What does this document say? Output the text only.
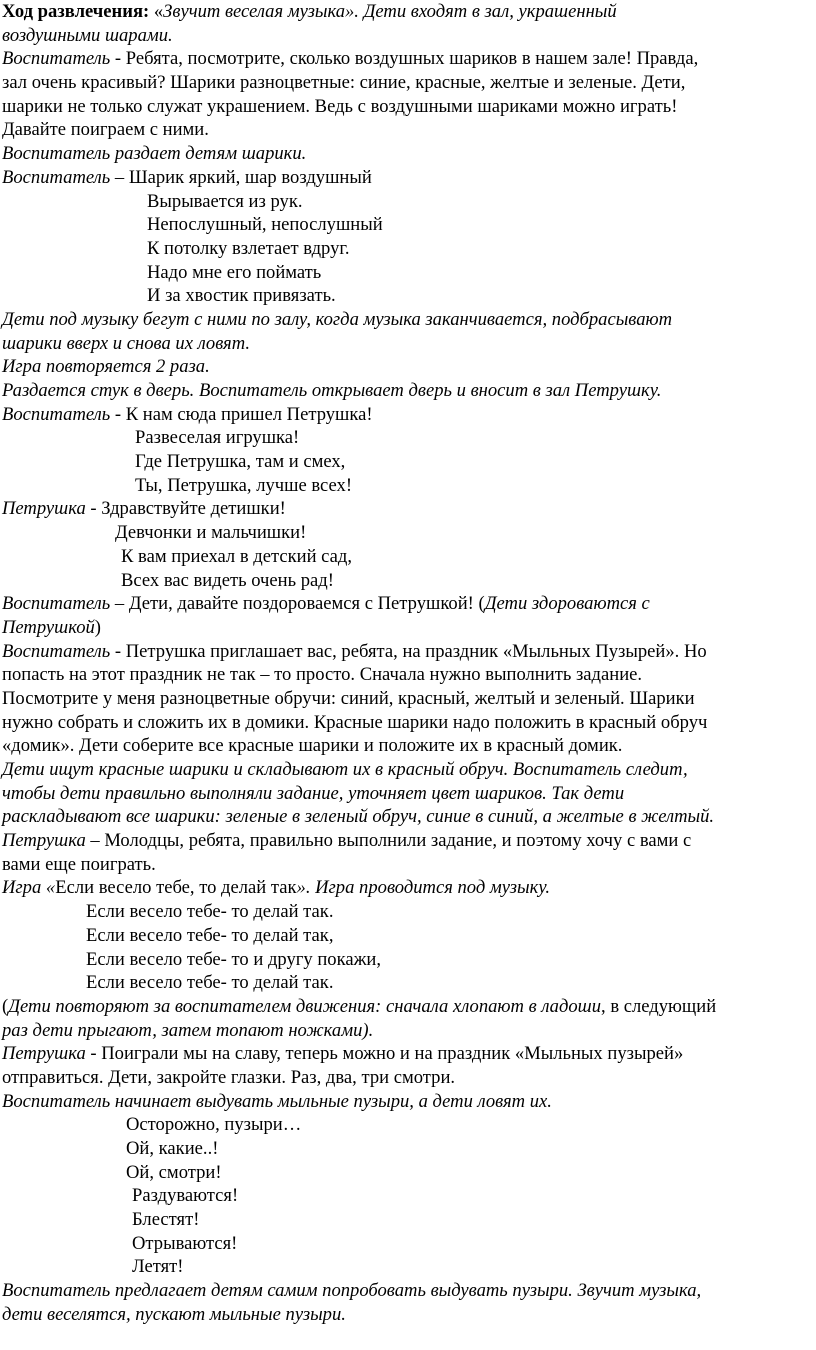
Ход развлечения: «Звучит веселая музыка». Дети входят в зал, украшенный
воздушными шарами.
Воспитатель - Ребята, посмотрите, сколько воздушных шариков в нашем зале! Правда,
зал очень красивый? Шарики разноцветные: синие, красные, желтые и зеленые. Дети,
шарики не только служат украшением. Ведь с воздушными шариками можно играть!
Давайте поиграем с ними.
Воспитатель раздает детям шарики.
Воспитатель – Шарик яркий, шар воздушный
Вырывается из рук.
Непослушный, непослушный
К потолку взлетает вдруг.
Надо мне его поймать
И за хвостик привязать.
Дети под музыку бегут с ними по залу, когда музыка заканчивается, подбрасывают
шарики вверх и снова их ловят.
Игра повторяется 2 раза.
Раздается стук в дверь. Воспитатель открывает дверь и вносит в зал Петрушку.
Воспитатель - К нам сюда пришел Петрушка!
Развеселая игрушка!
Где Петрушка, там и смех,
Ты, Петрушка, лучше всех!
Петрушка - Здравствуйте детишки!
Девчонки и мальчишки!
К вам приехал в детский сад,
Всех вас видеть очень рад!
Воспитатель – Дети, давайте поздороваемся с Петрушкой! (Дети здороваются с
Петрушкой)
Воспитатель - Петрушка приглашает вас, ребята, на праздник «Мыльных Пузырей». Но
попасть на этот праздник не так – то просто. Сначала нужно выполнить задание.
Посмотрите у меня разноцветные обручи: синий, красный, желтый и зеленый. Шарики
нужно собрать и сложить их в домики. Красные шарики надо положить в красный обруч
«домик». Дети соберите все красные шарики и положите их в красный домик.
Дети ищут красные шарики и складывают их в красный обруч. Воспитатель следит,
чтобы дети правильно выполняли задание, уточняет цвет шариков. Так дети
раскладывают все шарики: зеленые в зеленый обруч, синие в синий, а желтые в желтый.
Петрушка – Молодцы, ребята, правильно выполнили задание, и поэтому хочу с вами с
вами еще поиграть.
Игра «Если весело тебе, то делай так». Игра проводится под музыку.
Если весело тебе- то делай так.
Если весело тебе- то делай так,
Если весело тебе- то и другу покажи,
Если весело тебе- то делай так.
(Дети повторяют за воспитателем движения: сначала хлопают в ладоши, в следующий
раз дети прыгают, затем топают ножками).
Петрушка - Поиграли мы на славу, теперь можно и на праздник «Мыльных пузырей»
отправиться. Дети, закройте глазки. Раз, два, три смотри.
Воспитатель начинает выдувать мыльные пузыри, а дети ловят их.
Осторожно, пузыри…
Ой, какие..!
Ой, смотри!
Раздуваются!
Блестят!
Отрываются!
Летят!
Воспитатель предлагает детям самим попробовать выдувать пузыри. Звучит музыка,
дети веселятся, пускают мыльные пузыри.
